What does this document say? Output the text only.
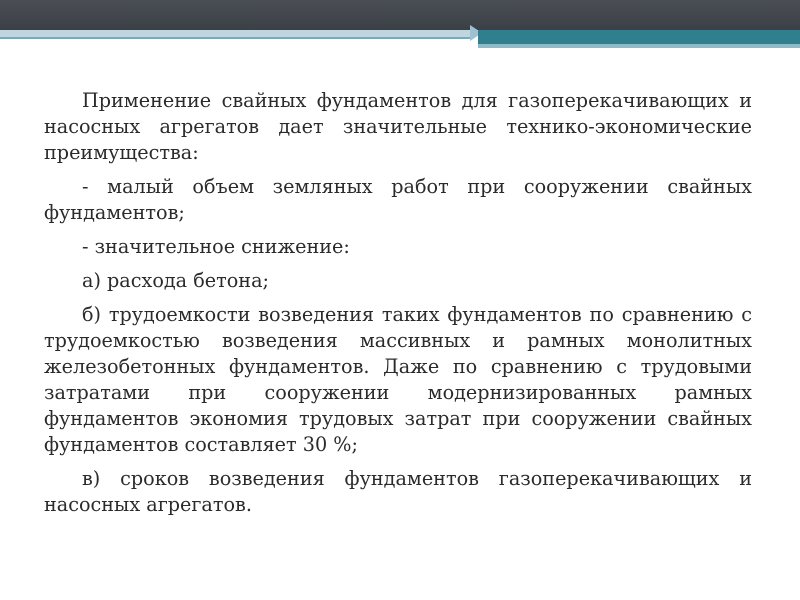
Применение свайных фундаментов для газоперекачивающих и насосных агрегатов дает значительные технико-экономические преимущества:

- малый объем земляных работ при сооружении свайных фундаментов;

- значительное снижение:

а) расхода бетона;

б) трудоемкости возведения таких фундаментов по сравнению с трудоемкостью возведения массивных и рамных монолитных железобетонных фундаментов. Даже по сравнению с трудовыми затратами при сооружении модернизированных рамных фундаментов экономия трудовых затрат при сооружении свайных фундаментов составляет 30 %;

в) сроков возведения фундаментов газоперекачивающих и насосных агрегатов.
